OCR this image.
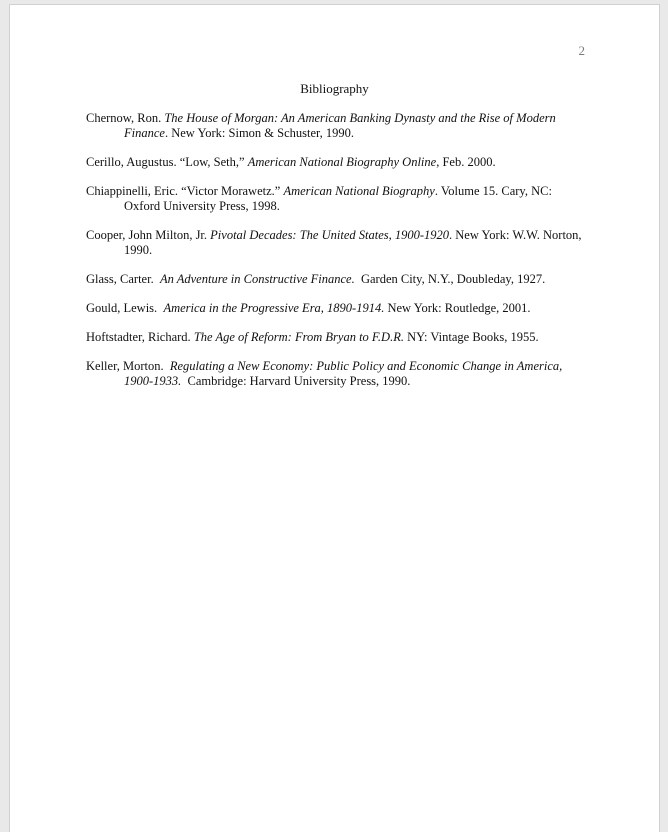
2
Bibliography
Chernow, Ron. The House of Morgan: An American Banking Dynasty and the Rise of Modern Finance. New York: Simon & Schuster, 1990.
Cerillo, Augustus. “Low, Seth,” American National Biography Online, Feb. 2000.
Chiappinelli, Eric. “Victor Morawetz.” American National Biography. Volume 15. Cary, NC: Oxford University Press, 1998.
Cooper, John Milton, Jr. Pivotal Decades: The United States, 1900-1920. New York: W.W. Norton, 1990.
Glass, Carter.  An Adventure in Constructive Finance.  Garden City, N.Y., Doubleday, 1927.
Gould, Lewis.  America in the Progressive Era, 1890-1914. New York: Routledge, 2001.
Hoftstadter, Richard. The Age of Reform: From Bryan to F.D.R. NY: Vintage Books, 1955.
Keller, Morton.  Regulating a New Economy: Public Policy and Economic Change in America, 1900-1933.  Cambridge: Harvard University Press, 1990.
